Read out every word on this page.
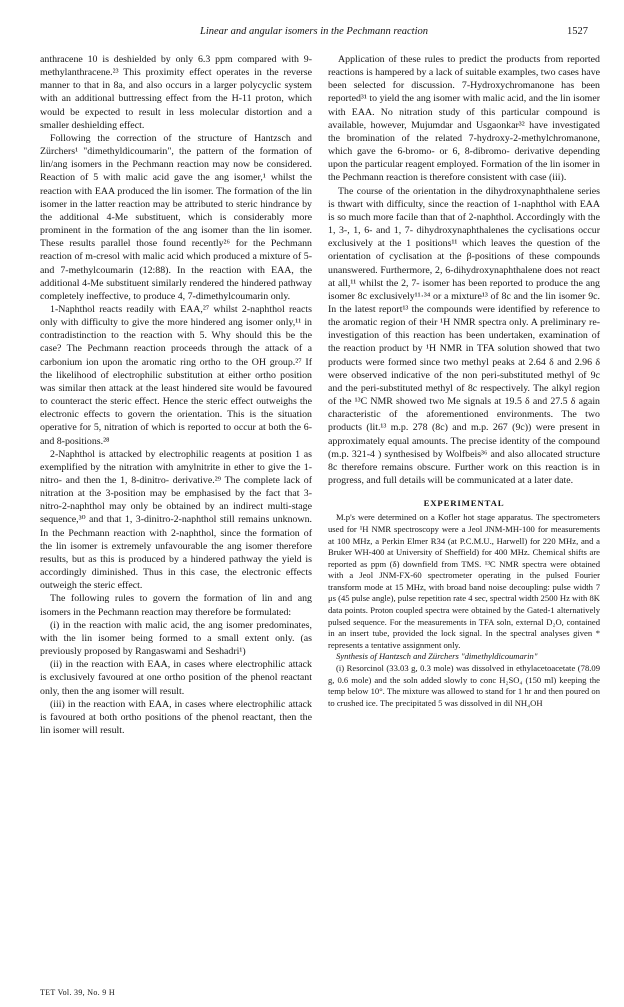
Linear and angular isomers in the Pechmann reaction	1527

anthracene 10 is deshielded by only 6.3 ppm compared with 9-methylanthracene.²³ This proximity effect operates in the reverse manner to that in 8a, and also occurs in a larger polycyclic system with an additional buttressing effect from the H-11 proton, which would be expected to result in less molecular distortion and a smaller deshielding effect.

Following the correction of the structure of Hantzsch and Zürchers¹ "dimethyldicoumarin", the pattern of the formation of lin/ang isomers in the Pechmann reaction may now be considered. Reaction of 5 with malic acid gave the ang isomer,¹ whilst the reaction with EAA produced the lin isomer. The formation of the lin isomer in the latter reaction may be attributed to steric hindrance by the additional 4-Me substituent, which is considerably more prominent in the formation of the ang isomer than the lin isomer. These results parallel those found recently²⁶ for the Pechmann reaction of m-cresol with malic acid which produced a mixture of 5- and 7-methylcoumarin (12:88). In the reaction with EAA, the additional 4-Me substituent similarly rendered the hindered pathway completely ineffective, to produce 4, 7-dimethylcoumarin only.

1-Naphthol reacts readily with EAA,²⁷ whilst 2-naphthol reacts only with difficulty to give the more hindered ang isomer only,¹¹ in contradistinction to the reaction with 5. Why should this be the case? The Pechmann reaction proceeds through the attack of a carbonium ion upon the aromatic ring ortho to the OH group.²⁷ If the likelihood of electrophilic substitution at either ortho position was similar then attack at the least hindered site would be favoured to counteract the steric effect. Hence the steric effect outweighs the electronic effects to govern the orientation. This is the situation operative for 5, nitration of which is reported to occur at both the 6- and 8-positions.²⁸

2-Naphthol is attacked by electrophilic reagents at position 1 as exemplified by the nitration with amylnitrite in ether to give the 1-nitro- and then the 1, 8-dinitro- derivative.²⁹ The complete lack of nitration at the 3-position may be emphasised by the fact that 3-nitro-2-naphthol may only be obtained by an indirect multi-stage sequence,³⁰ and that 1, 3-dinitro-2-naphthol still remains unknown. In the Pechmann reaction with 2-naphthol, since the formation of the lin isomer is extremely unfavourable the ang isomer therefore results, but as this is produced by a hindered pathway the yield is accordingly diminished. Thus in this case, the electronic effects outweigh the steric effect.

The following rules to govern the formation of lin and ang isomers in the Pechmann reaction may therefore be formulated:

(i) in the reaction with malic acid, the ang isomer predominates, with the lin isomer being formed to a small extent only. (as previously proposed by Rangaswami and Seshadri¹)

(ii) in the reaction with EAA, in cases where electrophilic attack is exclusively favoured at one ortho position of the phenol reactant only, then the ang isomer will result.

(iii) in the reaction with EAA, in cases where electrophilic attack is favoured at both ortho positions of the phenol reactant, then the lin isomer will result.

Application of these rules to predict the products from reported reactions is hampered by a lack of suitable examples, two cases have been selected for discussion. 7-Hydroxychromanone has been reported³¹ to yield the ang isomer with malic acid, and the lin isomer with EAA. No nitration study of this particular compound is available, however, Mujumdar and Usgaonkar³² have investigated the bromination of the related 7-hydroxy-2-methylchromanone, which gave the 6-bromo- or 6, 8-dibromo- derivative depending upon the particular reagent employed. Formation of the lin isomer in the Pechmann reaction is therefore consistent with case (iii).

The course of the orientation in the dihydroxynaphthalene series is thwart with difficulty, since the reaction of 1-naphthol with EAA is so much more facile than that of 2-naphthol. Accordingly with the 1, 3-, 1, 6- and 1, 7- dihydroxynaphthalenes the cyclisations occur exclusively at the 1 positions¹¹ which leaves the question of the orientation of cyclisation at the β-positions of these compounds unanswered. Furthermore, 2, 6-dihydroxynaphthalene does not react at all,¹¹ whilst the 2, 7- isomer has been reported to produce the ang isomer 8c exclusively¹¹·³⁴ or a mixture¹³ of 8c and the lin isomer 9c. In the latest report¹³ the compounds were identified by reference to the aromatic region of their ¹H NMR spectra only. A preliminary re-investigation of this reaction has been undertaken, examination of the reaction product by ¹H NMR in TFA solution showed that two products were formed since two methyl peaks at 2.64 δ and 2.96 δ were observed indicative of the non peri-substituted methyl of 9c and the peri-substituted methyl of 8c respectively. The alkyl region of the ¹³C NMR showed two Me signals at 19.5 δ and 27.5 δ again characteristic of the aforementioned environments. The two products (lit.¹³ m.p. 278 (8c) and m.p. 267 (9c)) were present in approximately equal amounts. The precise identity of the compound (m.p. 321-4 ) synthesised by Wolfbeis³⁶ and also allocated structure 8c therefore remains obscure. Further work on this reaction is in progress, and full details will be communicated at a later date.

EXPERIMENTAL

M.p's were determined on a Kofler hot stage apparatus. The spectrometers used for ¹H NMR spectroscopy were a Jeol JNM-MH-100 for measurements at 100 MHz, a Perkin Elmer R34 (at P.C.M.U., Harwell) for 220 MHz, and a Bruker WH-400 at University of Sheffield) for 400 MHz. Chemical shifts are reported as ppm (δ) downfield from TMS. ¹³C NMR spectra were obtained with a Jeol JNM-FX-60 spectrometer operating in the pulsed Fourier transform mode at 15 MHz, with broad band noise decoupling: pulse width 7 μs (45 pulse angle), pulse repetition rate 4 sec, spectral width 2500 Hz with 8K data points. Proton coupled spectra were obtained by the Gated-1 alternatively pulsed sequence. For the measurements in TFA soln, external D₂O, contained in an insert tube, provided the lock signal. In the spectral analyses given * represents a tentative assignment only.

Synthesis of Hantzsch and Zürchers "dimethyldicoumarin"

(i) Resorcinol (33.03 g, 0.3 mole) was dissolved in ethylacetoacetate (78.09 g, 0.6 mole) and the soln added slowly to conc H₂SO₄ (150 ml) keeping the temp below 10°. The mixture was allowed to stand for 1 hr and then poured on to crushed ice. The precipitated 5 was dissolved in dil NH₄OH

TET Vol. 39, No. 9 H
